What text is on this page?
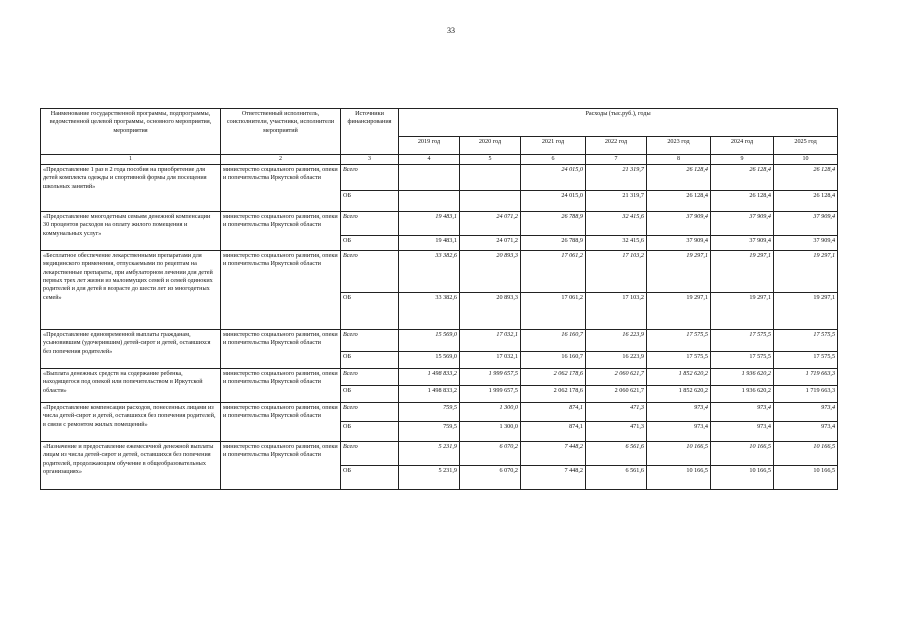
33
Наименование государственной программы, подпрограммы, ведомственной целевой программы, основного мероприятия, мероприятия	Ответственный исполнитель, соисполнители, участники, исполнители мероприятий	Источники финансирования	Расходы (тыс.руб.), годы						
			2019 год	2020 год	2021 год	2022 год	2023 год	2024 год	2025 год
1	2	3	4	5	6	7	8	9	10
«Предоставление 1 раз в 2 года пособия на приобретение для детей комплекта одежды и спортивной формы для посещения школьных занятий»	министерство социального развития, опеки и попечительства Иркутской области	Всего			24 015,0	21 319,7	26 128,4	26 128,4	26 128,4
		ОБ			24 015,0	21 319,7	26 128,4	26 128,4	26 128,4
«Предоставление многодетным семьям денежной компенсации 30 процентов расходов на оплату жилого помещения и коммунальных услуг»	министерство социального развития, опеки и попечительства Иркутской области	Всего	19 483,1	24 071,2	26 788,9	32 415,6	37 909,4	37 909,4	37 909,4
		ОБ	19 483,1	24 071,2	26 788,9	32 415,6	37 909,4	37 909,4	37 909,4
«Бесплатное обеспечение лекарственными препаратами для медицинского применения, отпускаемыми по рецептам на лекарственные препараты, при амбулаторном лечении для детей первых трех лет жизни из малоимущих семей и семей одиноких родителей и для детей в возрасте до шести лет из многодетных семей»	министерство социального развития, опеки и попечительства Иркутской области	Всего	33 382,6	20 893,3	17 061,2	17 103,2	19 297,1	19 297,1	19 297,1
		ОБ	33 382,6	20 893,3	17 061,2	17 103,2	19 297,1	19 297,1	19 297,1
«Предоставление единовременной выплаты гражданам, усыновившим (удочерившим) детей-сирот и детей, оставшихся без попечения родителей»	министерство социального развития, опеки и попечительства Иркутской области	Всего	15 569,0	17 032,1	16 160,7	16 223,9	17 575,5	17 575,5	17 575,5
		ОБ	15 569,0	17 032,1	16 160,7	16 223,9	17 575,5	17 575,5	17 575,5
«Выплата денежных средств на содержание ребенка, находящегося под опекой или попечительством в Иркутской области»	министерство социального развития, опеки и попечительства Иркутской области	Всего	1 498 833,2	1 999 657,5	2 062 178,6	2 060 621,7	1 852 620,2	1 936 620,2	1 719 663,3
		ОБ	1 498 833,2	1 999 657,5	2 062 178,6	2 060 621,7	1 852 620,2	1 936 620,2	1 719 663,3
«Предоставление компенсации расходов, понесенных лицами из числа детей-сирот и детей, оставшихся без попечения родителей, в связи с ремонтом жилых помещений»	министерство социального развития, опеки и попечительства Иркутской области	Всего	759,5	1 300,0	874,1	471,3	973,4	973,4	973,4
		ОБ	759,5	1 300,0	874,1	471,3	973,4	973,4	973,4
«Назначение и предоставление ежемесячной денежной выплаты лицам из числа детей-сирот и детей, оставшихся без попечения родителей, продолжающим обучение в общеобразовательных организациях»	министерство социального развития, опеки и попечительства Иркутской области	Всего	5 231,9	6 070,2	7 448,2	6 561,6	10 166,5	10 166,5	10 166,5
		ОБ	5 231,9	6 070,2	7 448,2	6 561,6	10 166,5	10 166,5	10 166,5
